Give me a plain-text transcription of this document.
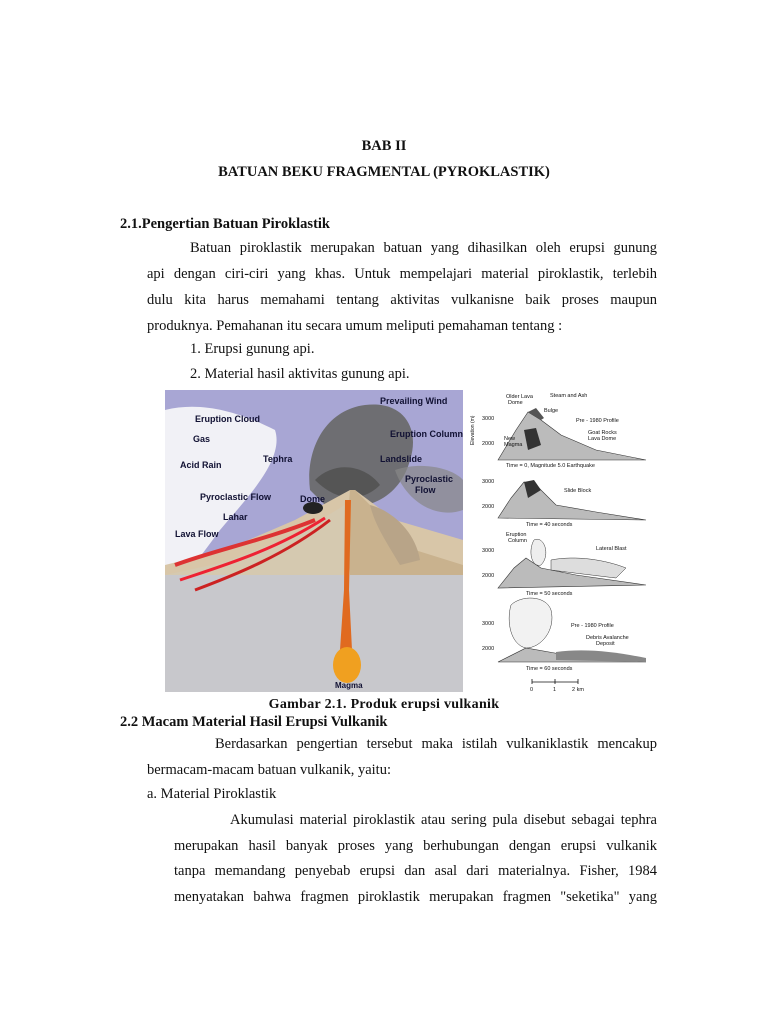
BAB II
BATUAN BEKU FRAGMENTAL (PYROKLASTIK)
2.1.Pengertian Batuan Piroklastik
Batuan piroklastik merupakan batuan yang dihasilkan oleh erupsi gunung
api dengan ciri-ciri yang khas. Untuk mempelajari material piroklastik, terlebih
dulu kita harus memahami tentang aktivitas vulkanisne baik proses maupun
produknya. Pemahanan itu secara umum meliputi pemahaman tentang :
1. Erupsi gunung api.
2. Material hasil aktivitas gunung api.
Prevailing Wind
Eruption Cloud
Gas
Acid Rain
Tephra
Eruption Column
Landslide
Pyroclastic
Flow
Pyroclastic Flow	Dome
Lahar
Lava Flow
Magma
Elevation (m) 3000
2000
Older Lava
Dome
Steam and Ash
Bulge
Pre - 1980 Profile
Goat Rocks
Lava Dome
New
Magma
Time = 0, Magnitude 5.0 Earthquake
3000
2000
Slide Block
Time = 40 seconds
3000
2000
Eruption
Column
Lateral Blast
Time = 50 seconds
3000
2000
Pre - 1980 Profile
Debris Avalanche
Deposit
Time = 60 seconds
0	1	2 km
Gambar 2.1. Produk erupsi vulkanik
2.2 Macam Material Hasil Erupsi Vulkanik
Berdasarkan pengertian tersebut maka istilah vulkaniklastik mencakup
bermacam-macam batuan vulkanik, yaitu:
a. Material Piroklastik
Akumulasi material piroklastik atau sering pula disebut sebagai tephra
merupakan hasil banyak proses yang berhubungan dengan erupsi vulkanik
tanpa memandang penyebab erupsi dan asal dari materialnya. Fisher, 1984
menyatakan bahwa fragmen piroklastik merupakan fragmen "seketika" yang
